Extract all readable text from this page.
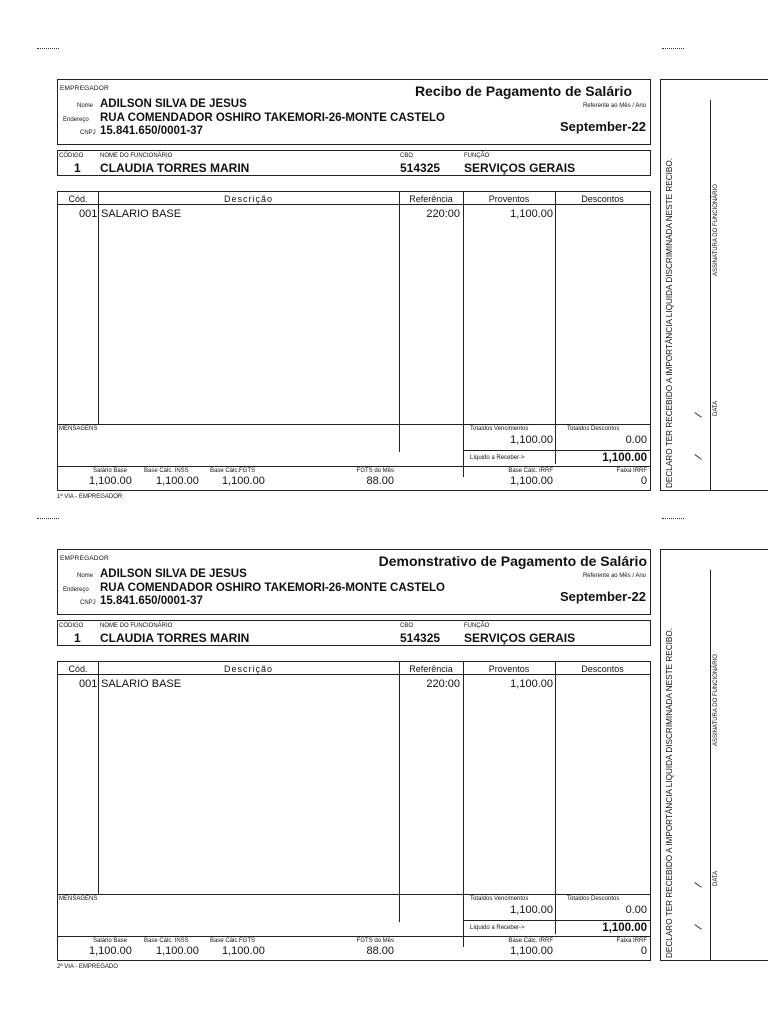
EMPREGADOR	Recibo de Pagamento de Salário
Nome ADILSON SILVA DE JESUS	Referente ao Mês / Ano
Endereço RUA COMENDADOR OSHIRO TAKEMORI-26-MONTE CASTELO
September-22
CNPJ 15.841.650/0001-37
CÓDIGO
1
NOME DO FUNCIONÁRIO
CLAUDIA TORRES MARIN
CBO
514325
FUNÇÃO
SERVIÇOS GERAIS
Cód.	Descrição	Referência	Proventos	Descontos
001 SALARIO BASE	220:00	1,100.00
MENSAGENS	Totaldos Vencimentos	Totaldos Descontos
1,100.00	0.00
Líquido a Receber->	1,100.00
Salário Base
1,100.00
Base Cálc. INSS
1,100.00
Base Cálc.FGTS
1,100.00
FGTS do Mês
88.00
Base Cálc. IRRF
1,100.00
Faixa IRRF
0
1ª VIA - EMPREGADOR
DECLARO TER RECEBIDO A IMPORTÂNCIA LIQUIDA DISCRIMINADA NESTE RECIBO.	ASSINATURA DO FUNCIONÁRIO
DATA
/
/
EMPREGADOR	Demonstrativo de Pagamento de Salário
Nome ADILSON SILVA DE JESUS	Referente ao Mês / Ano
Endereço RUA COMENDADOR OSHIRO TAKEMORI-26-MONTE CASTELO
September-22
CNPJ 15.841.650/0001-37
CÓDIGO
1
NOME DO FUNCIONÁRIO
CLAUDIA TORRES MARIN
CBO
514325
FUNÇÃO
SERVIÇOS GERAIS
Cód.	Descrição	Referência	Proventos	Descontos
001 SALARIO BASE	220:00	1,100.00
MENSAGENS	Totaldos Vencimentos	Totaldos Descontos
1,100.00	0.00
Líquido a Receber->	1,100.00
Salário Base
1,100.00
Base Cálc. INSS
1,100.00
Base Cálc.FGTS
1,100.00
FGTS do Mês
88.00
Base Cálc. IRRF
1,100.00
Faixa IRRF
0
2ª VIA - EMPREGADO
DECLARO TER RECEBIDO A IMPORTÂNCIA LIQUIDA DISCRIMINADA NESTE RECIBO.	ASSINATURA DO FUNCIONÁRIO
DATA
/
/
